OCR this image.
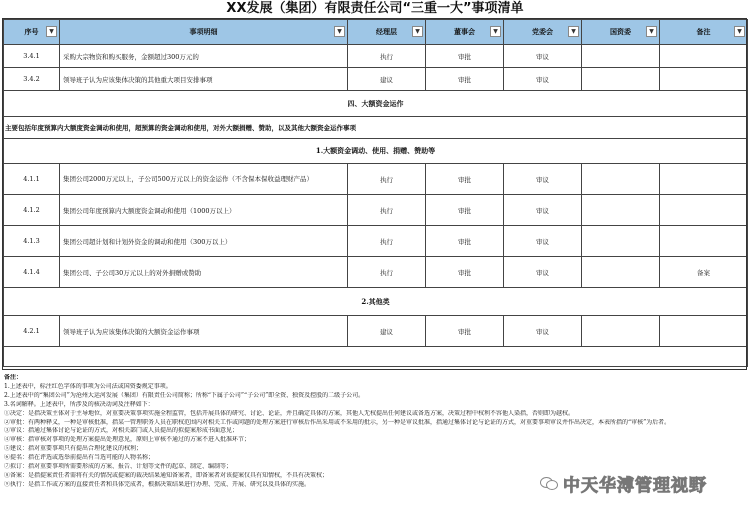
XX发展（集团）有限责任公司“三重一大”事项清单
序号 ▼	事项明细 ▼	经理层 ▼	董事会 ▼	党委会 ▼	国资委 ▼	备注 ▼

3.4.1	采购大宗物资和购买服务，金额超过300万元的	执行	审批	审议		
3.4.2	领导班子认为应该集体决策的其他重大项目安排事项	建议	审批	审议		
四、大额资金运作						
主要包括年度预算内大额度资金调动和使用，超预算的资金调动和使用，对外大额捐赠、赞助，以及其他大额资金运作事项						
1.大额资金调动、使用、捐赠、赞助等						
4.1.1	集团公司2000万元以上，子公司500万元以上的资金运作（不含保本保收益理财产品）	执行	审批	审议		
4.1.2	集团公司年度预算内大额度资金调动和使用（1000万以上）	执行	审批	审议		
4.1.3	集团公司超计划和计划外资金的调动和使用（300万以上）	执行	审批	审议		
4.1.4	集团公司、子公司30万元以上的对外捐赠或赞助	执行	审批	审议		备案
2.其他类						
4.2.1	领导班子认为应该集体决策的大额资金运作事项	建议	审批	审议		

备注：
1.上述表中，标注红色字体的事项为公司法或国资委规定事项。
2.上述表中的“集团公司”为沧州大运河发展（集团）有限责任公司简称；所称“下属子公司”“子公司”即全资、独资及控股的二级子公司。
3.名词解释。上述表中，所涉及的核决动词及注释如下：
①决定：是指决策主体对于主导地位，对重要决策事项实施全程监管，包括开展具体的研究、讨论、论证，并且确定具体的方案，其他人无权提出任何建议或备选方案，决策过程中权利不容他人染指，否则即为越权。
②审批：有两种释义，一种是审核批准，指某一管理职务人员在职权范围内对相关工作或问题的处理方案进行审核后作出采用或不采用的批示，另一种是审议批准，指通过集体讨论与论证的方式，对重要事项审议并作出决定，本表所指的“审核”为后者。
③审议：指通过集体讨论与论证的方式，对相关部门或人员提出的拟提案形成书面意见；
④审核：指审核对事项的处理方案提出处理意见，原则上审核不通过的方案不进入批准环节；
⑤建议：指对重要事项只有提出合理化建议的权利；
⑥提名：指在评选或选举前提出有当选可能的人物名称；
⑦拟订：指对重要事项所需要形成的方案、报告、计划等文件的起草、制定、编制等；
⑧备案：是指提案责任者需将有关的情况或提案的裁决结果通知备案者，即备案者对该提案仅具有知情权，不具有决策权；
⑨执行：是指工作或方案的直接责任者和具体完成者，根据决策结果进行办理、完成、开展、研究以及具体的实施。	中天华溥管理视野
